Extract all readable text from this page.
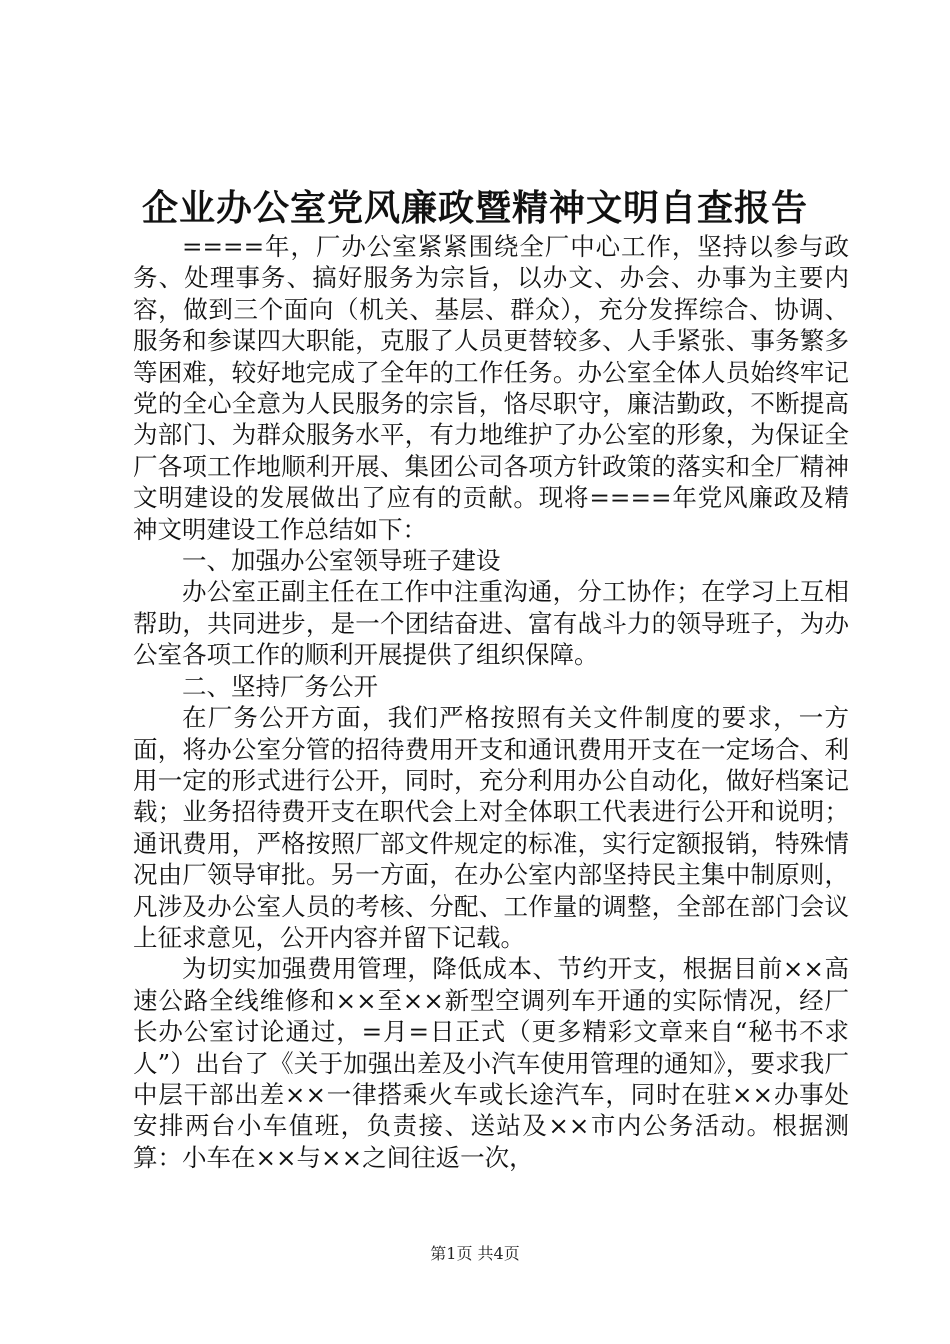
企业办公室党风廉政暨精神文明自查报告

====年，厂办公室紧紧围绕全厂中心工作，坚持以参与政务、处理事务、搞好服务为宗旨，以办文、办会、办事为主要内容，做到三个面向（机关、基层、群众），充分发挥综合、协调、服务和参谋四大职能，克服了人员更替较多、人手紧张、事务繁多等困难，较好地完成了全年的工作任务。办公室全体人员始终牢记党的全心全意为人民服务的宗旨，恪尽职守，廉洁勤政，不断提高为部门、为群众服务水平，有力地维护了办公室的形象，为保证全厂各项工作地顺利开展、集团公司各项方针政策的落实和全厂精神文明建设的发展做出了应有的贡献。现将====年党风廉政及精神文明建设工作总结如下：

一、加强办公室领导班子建设

办公室正副主任在工作中注重沟通，分工协作；在学习上互相帮助，共同进步，是一个团结奋进、富有战斗力的领导班子，为办公室各项工作的顺利开展提供了组织保障。

二、坚持厂务公开

在厂务公开方面，我们严格按照有关文件制度的要求，一方面，将办公室分管的招待费用开支和通讯费用开支在一定场合、利用一定的形式进行公开，同时，充分利用办公自动化，做好档案记载；业务招待费开支在职代会上对全体职工代表进行公开和说明；通讯费用，严格按照厂部文件规定的标准，实行定额报销，特殊情况由厂领导审批。另一方面，在办公室内部坚持民主集中制原则，凡涉及办公室人员的考核、分配、工作量的调整，全部在部门会议上征求意见，公开内容并留下记载。

为切实加强费用管理，降低成本、节约开支，根据目前××高速公路全线维修和××至××新型空调列车开通的实际情况，经厂长办公室讨论通过，=月=日正式（更多精彩文章来自“秘书不求人”）出台了《关于加强出差及小汽车使用管理的通知》，要求我厂中层干部出差××一律搭乘火车或长途汽车，同时在驻××办事处安排两台小车值班，负责接、送站及××市内公务活动。根据测算：小车在××与××之间往返一次，

第1页 共4页
